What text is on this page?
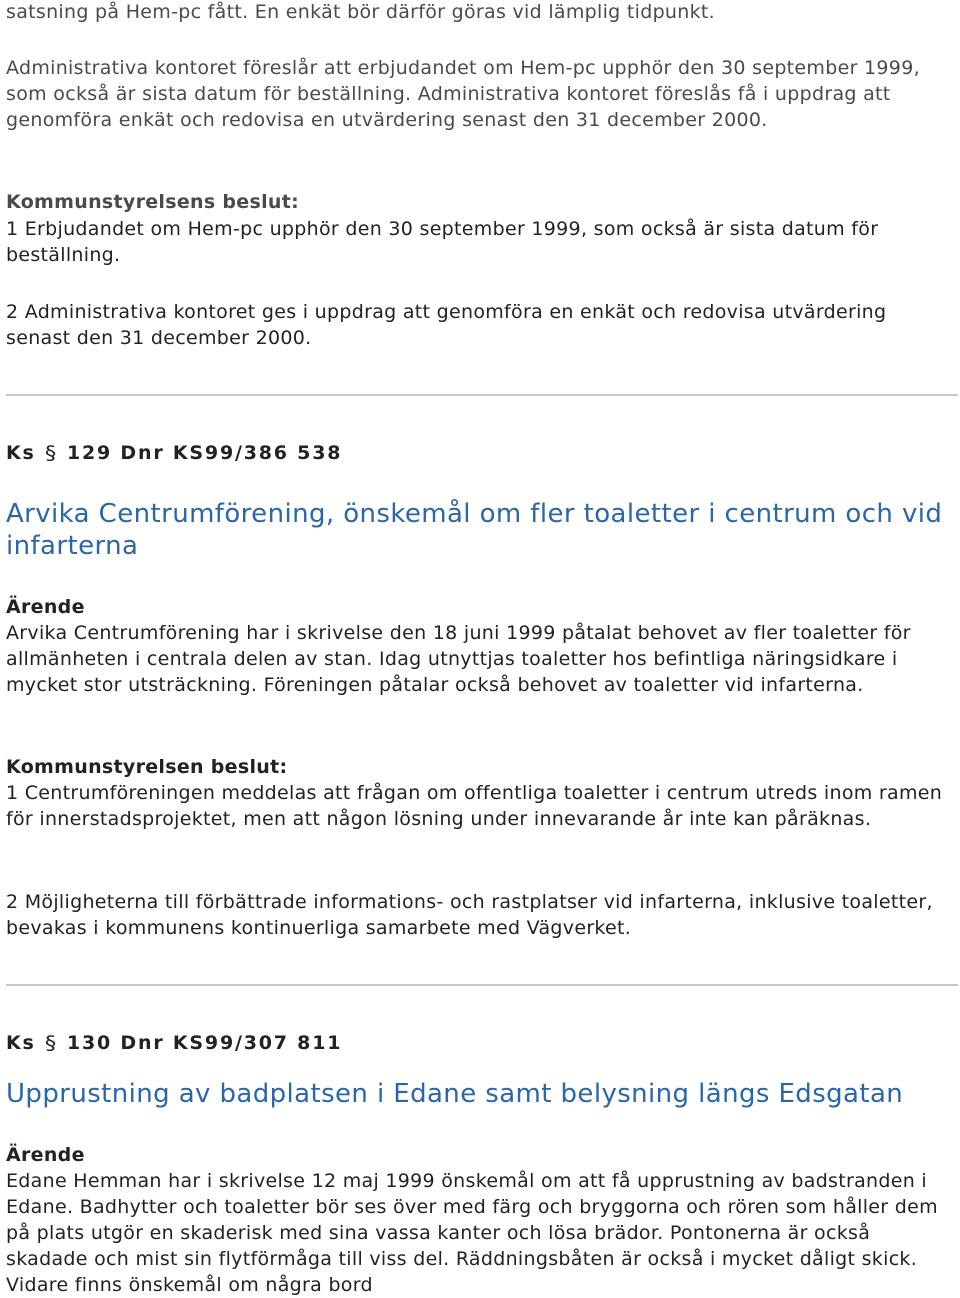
satsning på Hem-pc fått. En enkät bör därför göras vid lämplig tidpunkt.

Administrativa kontoret föreslår att erbjudandet om Hem-pc upphör den 30 september 1999, som också är sista datum för beställning. Administrativa kontoret föreslås få i uppdrag att genomföra enkät och redovisa en utvärdering senast den 31 december 2000.

Kommunstyrelsens beslut:

1 Erbjudandet om Hem-pc upphör den 30 september 1999, som också är sista datum för beställning.

2 Administrativa kontoret ges i uppdrag att genomföra en enkät och redovisa utvärdering senast den 31 december 2000.

Ks § 129 Dnr KS99/386 538

Arvika Centrumförening, önskemål om fler toaletter i centrum och vid infarterna

Ärende

Arvika Centrumförening har i skrivelse den 18 juni 1999 påtalat behovet av fler toaletter för allmänheten i centrala delen av stan. Idag utnyttjas toaletter hos befintliga näringsidkare i mycket stor utsträckning. Föreningen påtalar också behovet av toaletter vid infarterna.

Kommunstyrelsen beslut:

1 Centrumföreningen meddelas att frågan om offentliga toaletter i centrum utreds inom ramen för innerstadsprojektet, men att någon lösning under innevarande år inte kan påräknas.

2 Möjligheterna till förbättrade informations- och rastplatser vid infarterna, inklusive toaletter, bevakas i kommunens kontinuerliga samarbete med Vägverket.

Ks § 130 Dnr KS99/307 811

Upprustning av badplatsen i Edane samt belysning längs Edsgatan

Ärende

Edane Hemman har i skrivelse 12 maj 1999 önskemål om att få upprustning av badstranden i Edane. Badhytter och toaletter bör ses över med färg och bryggorna och rören som håller dem på plats utgör en skaderisk med sina vassa kanter och lösa brädor. Pontonerna är också skadade och mist sin flytförmåga till viss del. Räddningsbåten är också i mycket dåligt skick. Vidare finns önskemål om några bord
